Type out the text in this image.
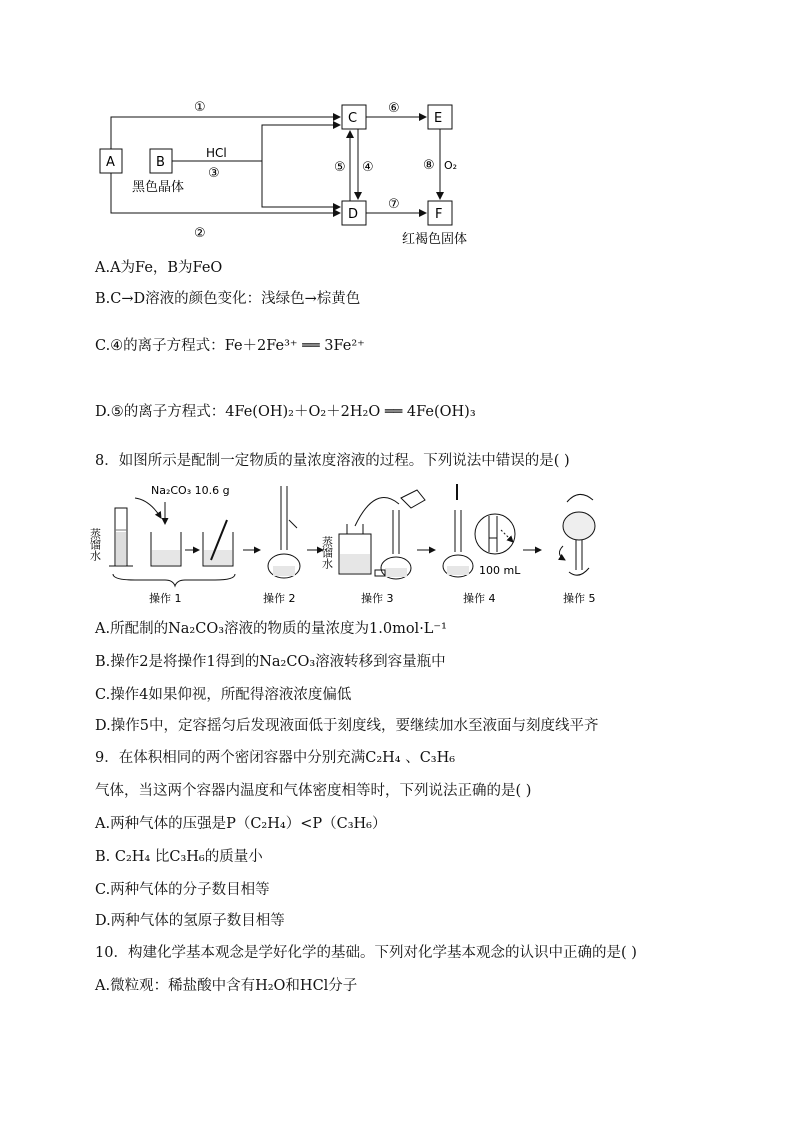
A	B
C
D
E
F
①
②
HCl
③
黑色晶体
⑤ ④
⑥
⑧ O₂
⑦
红褐色固体
A.A为Fe，B为FeO
B.C→D溶液的颜色变化：浅绿色→棕黄色
C.④的离子方程式：Fe＋2Fe³⁺ ══ 3Fe²⁺
D.⑤的离子方程式：4Fe(OH)₂＋O₂＋2H₂O ══ 4Fe(OH)₃
8．如图所示是配制一定物质的量浓度溶液的过程。下列说法中错误的是( )
蒸馏水
Na₂CO₃ 10.6 g
操作 1	操作 2
蒸馏水
操作 3
100 mL
操作 4	操作 5
A.所配制的Na₂CO₃溶液的物质的量浓度为1.0mol·L⁻¹
B.操作2是将操作1得到的Na₂CO₃溶液转移到容量瓶中
C.操作4如果仰视，所配得溶液浓度偏低
D.操作5中，定容摇匀后发现液面低于刻度线，要继续加水至液面与刻度线平齐
9．在体积相同的两个密闭容器中分别充满C₂H₄ 、C₃H₆
气体，当这两个容器内温度和气体密度相等时，下列说法正确的是( )
A.两种气体的压强是P（C₂H₄）<P（C₃H₆）
B. C₂H₄ 比C₃H₆的质量小
C.两种气体的分子数目相等
D.两种气体的氢原子数目相等
10．构建化学基本观念是学好化学的基础。下列对化学基本观念的认识中正确的是( )
A.微粒观：稀盐酸中含有H₂O和HCl分子
